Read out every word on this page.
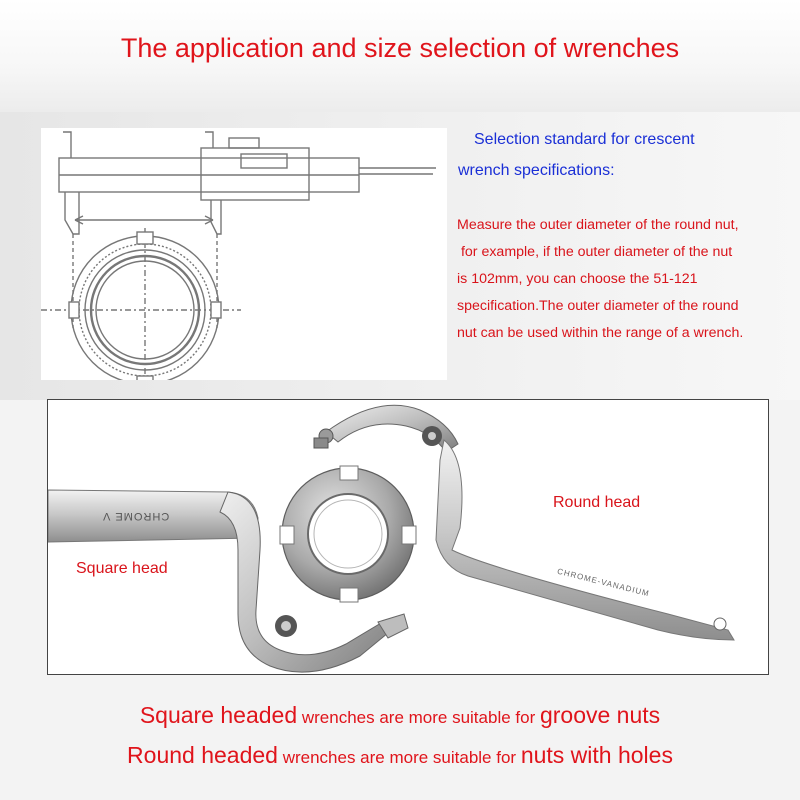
The application and size selection of wrenches
Selection standard for crescent
wrench specifications:
Measure the outer diameter of the round nut,
for example, if the outer diameter of the nut
is 102mm, you can choose the 51-121
specification.The outer diameter of the round
nut can be used within the range of a wrench.
CHROME V
CHROME-VANADIUM
Square head
Round head
Square headed wrenches are more suitable for groove nuts
Round headed wrenches are more suitable for nuts with holes
